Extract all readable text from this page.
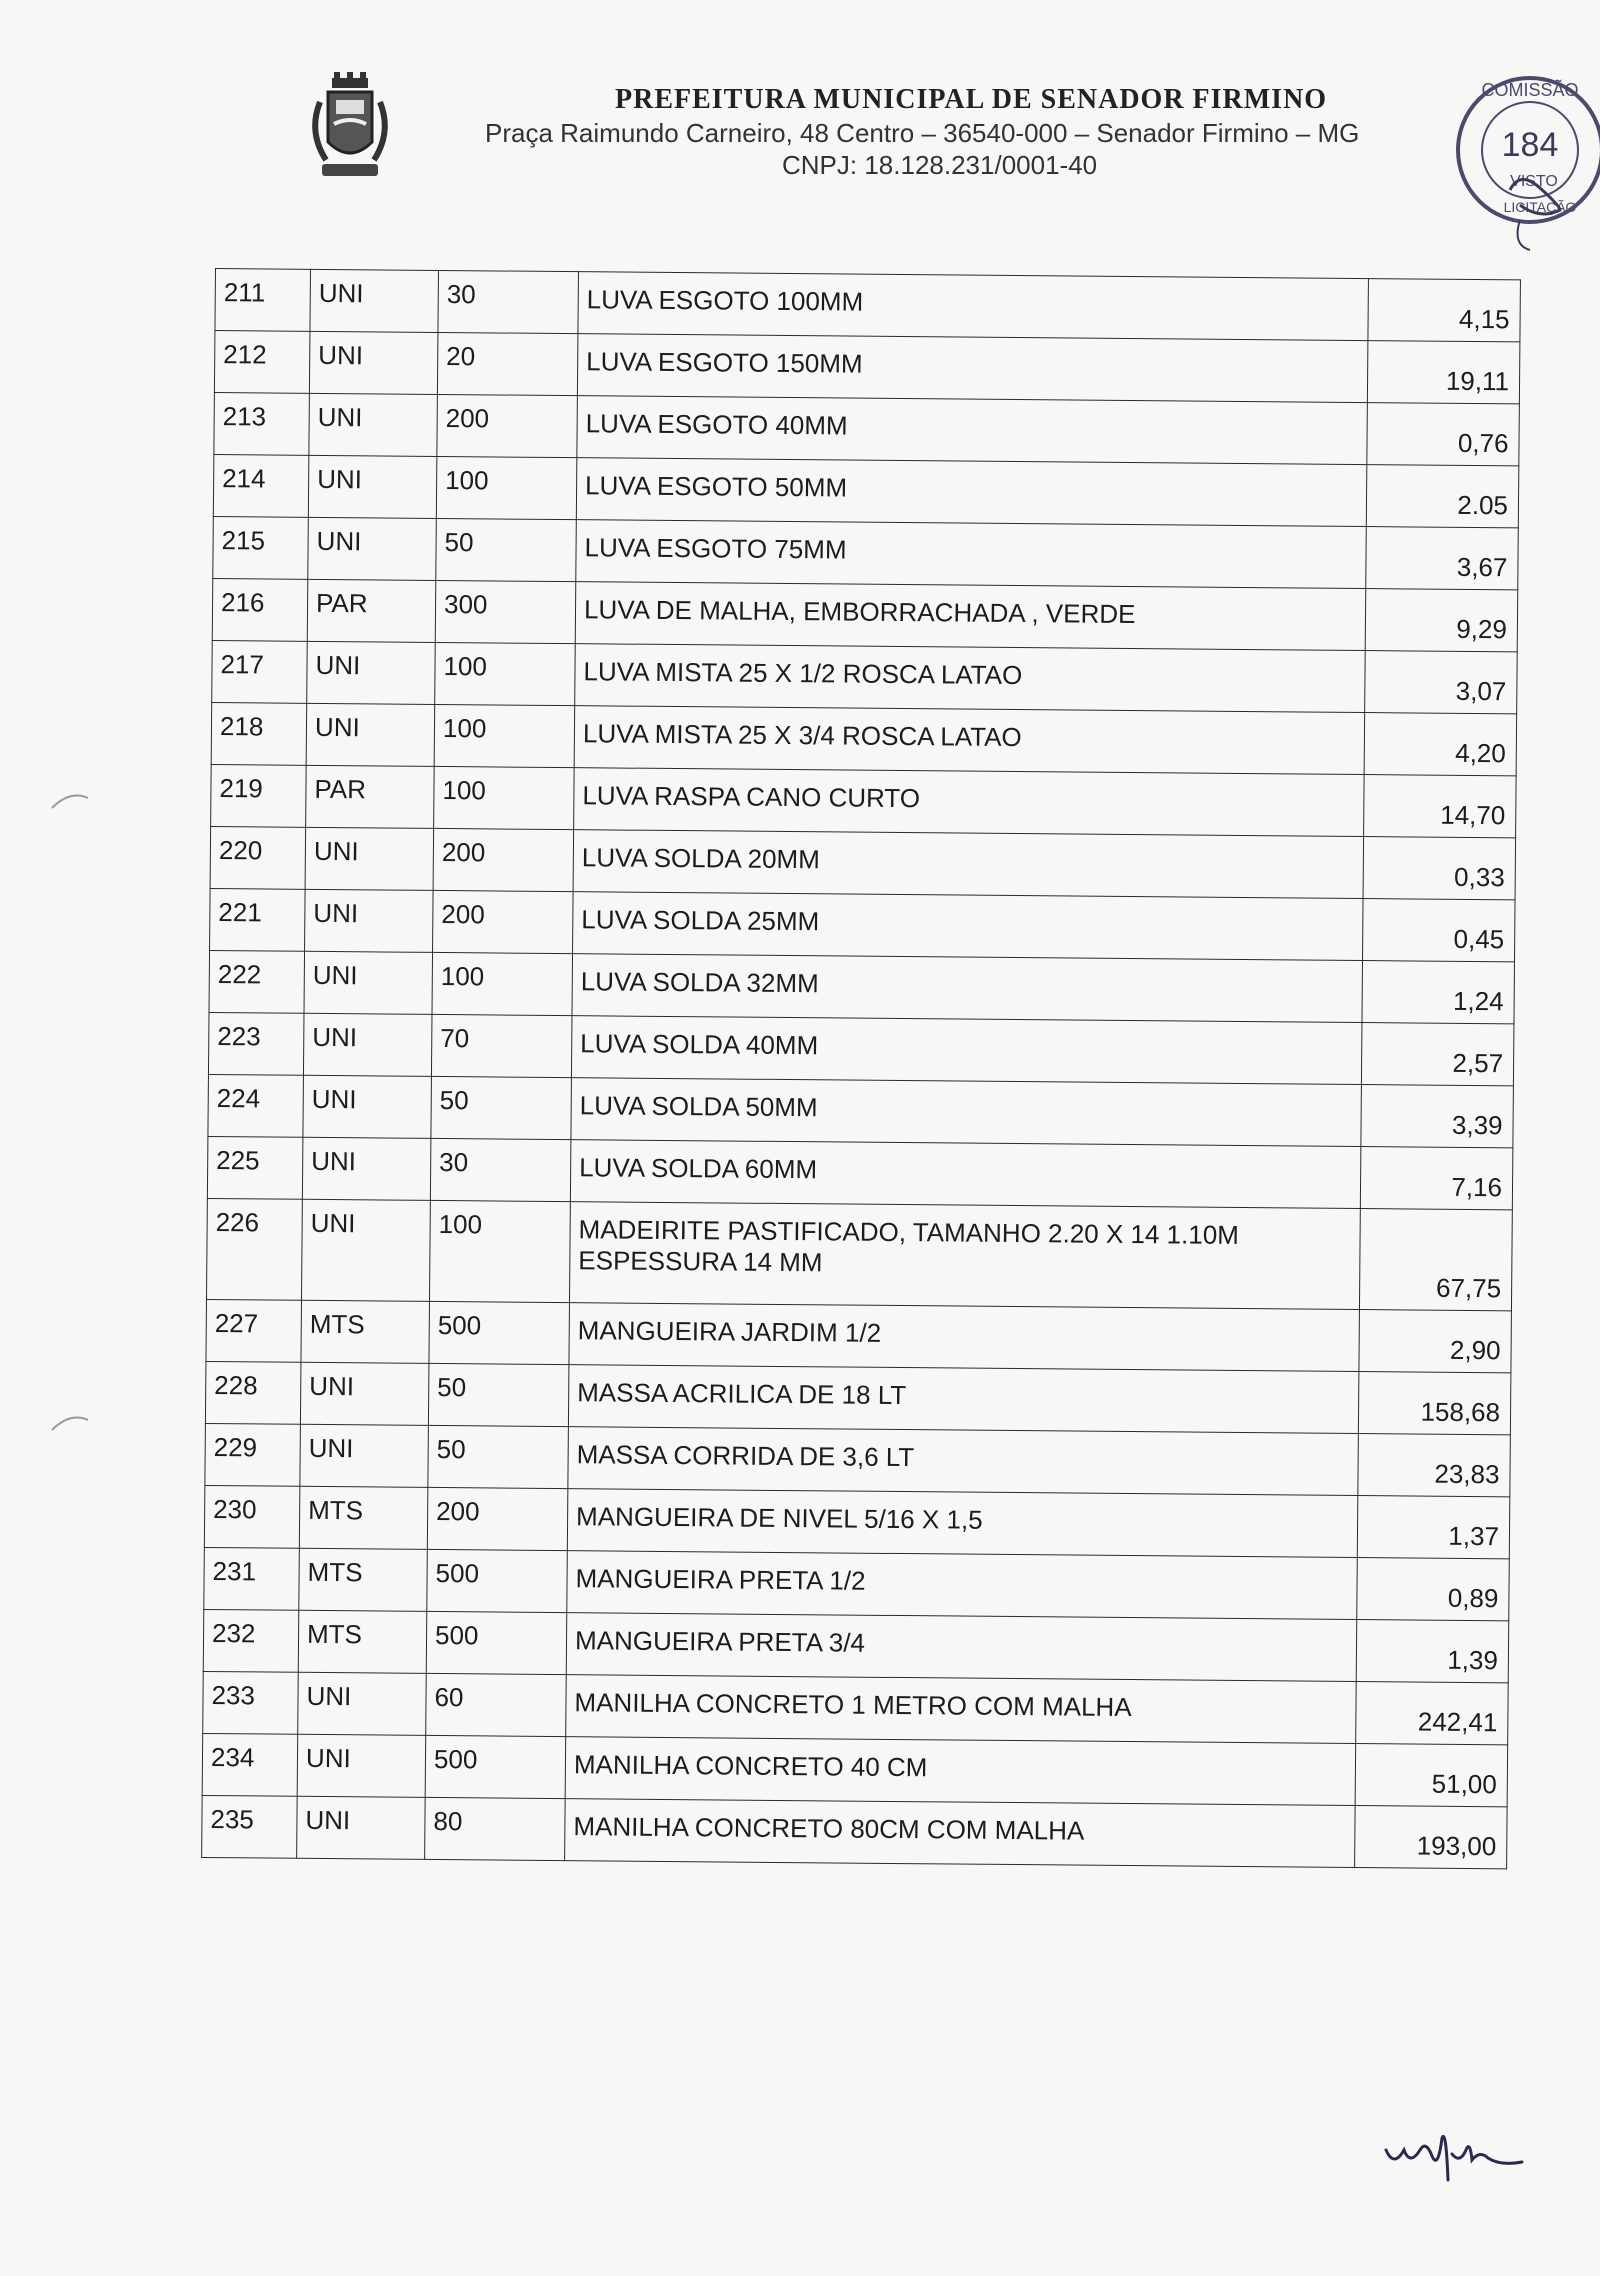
PREFEITURA MUNICIPAL DE SENADOR FIRMINO
Praça Raimundo Carneiro, 48 Centro – 36540-000 – Senador Firmino – MG
CNPJ: 18.128.231/0001-40
COMISSÃO
184
VISTO
LICITAÇÃO
211	UNI	30	LUVA ESGOTO 100MM	4,15
212	UNI	20	LUVA ESGOTO 150MM	19,11
213	UNI	200	LUVA ESGOTO 40MM	0,76
214	UNI	100	LUVA ESGOTO 50MM	2.05
215	UNI	50	LUVA ESGOTO 75MM	3,67
216	PAR	300	LUVA DE MALHA, EMBORRACHADA , VERDE	9,29
217	UNI	100	LUVA MISTA 25 X 1/2 ROSCA LATAO	3,07
218	UNI	100	LUVA MISTA 25 X 3/4 ROSCA LATAO	4,20
219	PAR	100	LUVA RASPA CANO CURTO	14,70
220	UNI	200	LUVA SOLDA 20MM	0,33
221	UNI	200	LUVA SOLDA 25MM	0,45
222	UNI	100	LUVA SOLDA 32MM	1,24
223	UNI	70	LUVA SOLDA 40MM	2,57
224	UNI	50	LUVA SOLDA 50MM	3,39
225	UNI	30	LUVA SOLDA 60MM	7,16
226	UNI	100	MADEIRITE PASTIFICADO, TAMANHO 2.20 X 14 1.10M ESPESSURA 14 MM	67,75
227	MTS	500	MANGUEIRA JARDIM 1/2	2,90
228	UNI	50	MASSA ACRILICA DE 18 LT	158,68
229	UNI	50	MASSA CORRIDA DE 3,6 LT	23,83
230	MTS	200	MANGUEIRA DE NIVEL 5/16 X 1,5	1,37
231	MTS	500	MANGUEIRA PRETA 1/2	0,89
232	MTS	500	MANGUEIRA PRETA 3/4	1,39
233	UNI	60	MANILHA CONCRETO 1 METRO COM MALHA	242,41
234	UNI	500	MANILHA CONCRETO 40 CM	51,00
235	UNI	80	MANILHA CONCRETO 80CM COM MALHA	193,00
